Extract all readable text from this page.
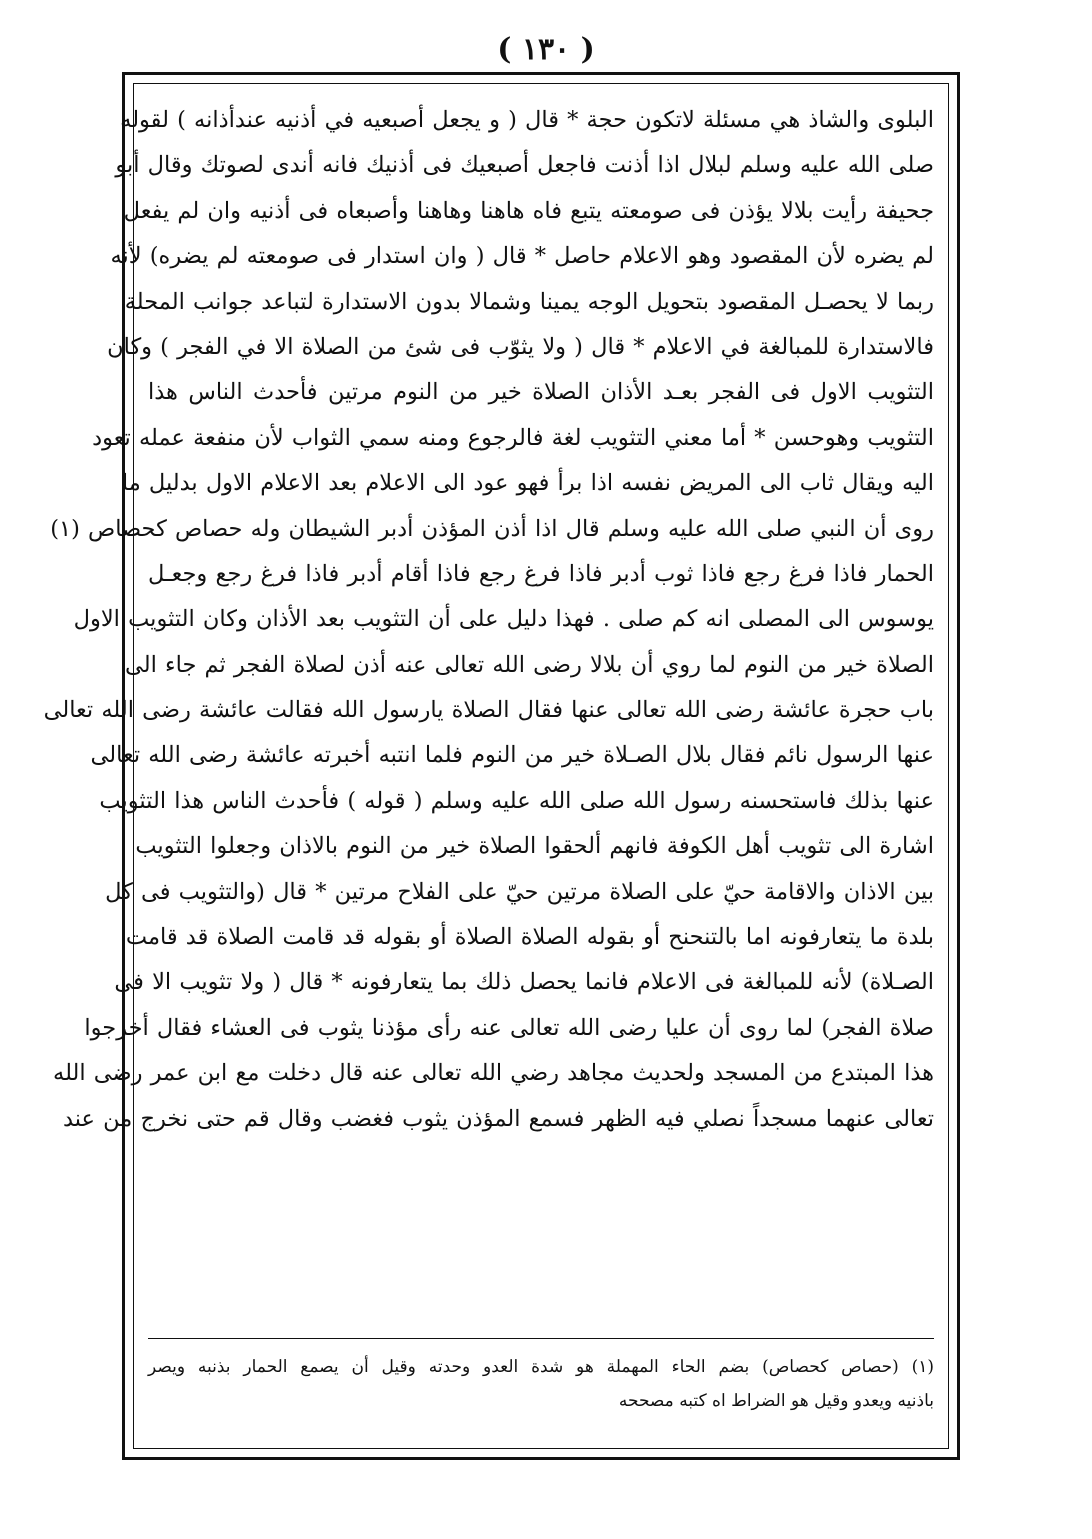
( ١٣٠ )
البلوى والشاذ هي مسئلة لاتكون حجة * قال ( و يجعل أصبعيه في أذنيه عندأذانه ) لقوله
صلى الله عليه وسلم لبلال اذا أذنت فاجعل أصبعيك فى أذنيك فانه أندى لصوتك وقال أبو
جحيفة رأيت بلالا يؤذن فى صومعته يتبع فاه هاهنا وهاهنا وأصبعاه فى أذنيه وان لم يفعل
لم يضره لأن المقصود وهو الاعلام حاصل * قال ( وان استدار فى صومعته لم يضره) لأنه
ربما لا يحصـل المقصود بتحويل الوجه يمينا وشمالا بدون الاستدارة لتباعد جوانب المحلة
فالاستدارة للمبالغة في الاعلام * قال ( ولا يثوّب فى شئ من الصلاة الا في الفجر ) وكان
التثويب الاول فى الفجر بعـد الأذان الصلاة خير من النوم مرتين فأحدث الناس هذا
التثويب وهوحسن * أما معني التثويب لغة فالرجوع ومنه سمي الثواب لأن منفعة عمله تعود
اليه ويقال ثاب الى المريض نفسه اذا برأ فهو عود الى الاعلام بعد الاعلام الاول بدليل ما
روى أن النبي صلى الله عليه وسلم قال اذا أذن المؤذن أدبر الشيطان وله حصاص كحصاص (١)
الحمار فاذا فرغ رجع فاذا ثوب أدبر فاذا فرغ رجع فاذا أقام أدبر فاذا فرغ رجع وجعـل
يوسوس الى المصلى انه كم صلى . فهذا دليل على أن التثويب بعد الأذان وكان التثويب الاول
الصلاة خير من النوم لما روي أن بلالا رضى الله تعالى عنه أذن لصلاة الفجر ثم جاء الى
باب حجرة عائشة رضى الله تعالى عنها فقال الصلاة يارسول الله فقالت عائشة رضى الله تعالى
عنها الرسول نائم فقال بلال الصـلاة خير من النوم فلما انتبه أخبرته عائشة رضى الله تعالى
عنها بذلك فاستحسنه رسول الله صلى الله عليه وسلم ( قوله ) فأحدث الناس هذا التثويب
اشارة الى تثويب أهل الكوفة فانهم ألحقوا الصلاة خير من النوم بالاذان وجعلوا التثويب
بين الاذان والاقامة حيّ على الصلاة مرتين حيّ على الفلاح مرتين * قال (والتثويب فى كل
بلدة ما يتعارفونه اما بالتنحنح أو بقوله الصلاة الصلاة أو بقوله قد قامت الصلاة قد قامت
الصـلاة) لأنه للمبالغة فى الاعلام فانما يحصل ذلك بما يتعارفونه * قال ( ولا تثويب الا فى
صلاة الفجر) لما روى أن عليا رضى الله تعالى عنه رأى مؤذنا يثوب فى العشاء فقال أخرجوا
هذا المبتدع من المسجد ولحديث مجاهد رضي الله تعالى عنه قال دخلت مع ابن عمر رضى الله
تعالى عنهما مسجداً نصلي فيه الظهر فسمع المؤذن يثوب فغضب وقال قم حتى نخرج من عند
(١) (حصاص كحصاص) بضم الحاء المهملة هو شدة العدو وحدته وقيل أن يصمع الحمار بذنبه ويصر
باذنيه ويعدو وقيل هو الضراط اه كتبه مصححه
